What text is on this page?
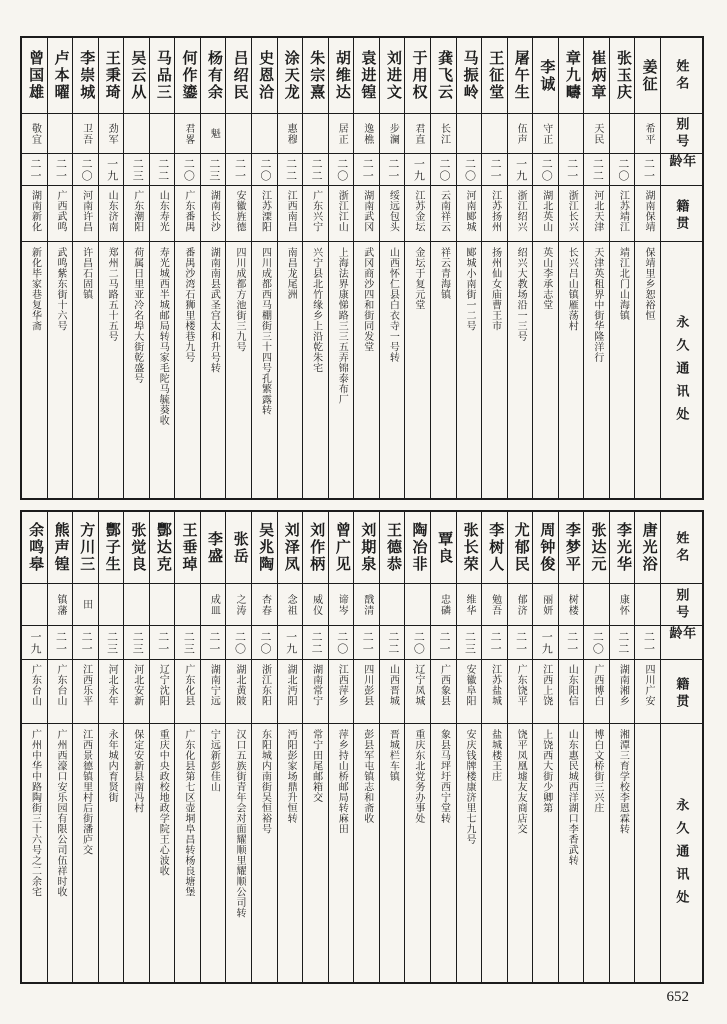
姓名
别号
年龄
籍贯
永久通讯处
姜征
希平
二一
湖南保靖
保靖里乡恕裕恒
张玉庆
二〇
江苏靖江
靖江北门山海镇
崔炳章
天民
二二
河北天津
天津英租界中街华隆洋行
章九疇
二一
浙江长兴
长兴吕山镇雁荡村
李诚
守正
二〇
湖北英山
英山李承志堂
屠午生
伍声
一九
浙江绍兴
绍兴大教场沿一三号
王征堂
二一
江苏扬州
扬州仙女庙曹王市
马振岭
二〇
河南郾城
郾城小南街一二号
龚飞云
长江
二〇
云南祥云
祥云青海镇
于用权
君直
一九
江苏金坛
金坛于复元堂
刘进文
步澜
二一
绥远包头
山西怀仁县白衣寺一号转
袁进锽
逸樵
二一
湖南武冈
武冈商沙四和街同发堂
胡维达
居正
二〇
浙江江山
上海法界康悌路三三五弄锦泰布厂
朱宗熹
二二
广东兴宁
兴宁县北竹缘乡上沿乾朱宅
涂天龙
惠穆
二二
江西南昌
南昌龙尾洲
史恩洽
二〇
江苏溧阳
四川成都西马棚街三十四号孔繁露转
吕绍民
二一
安徽旌德
四川成都方池街三九号
杨有余
魁
二三
湖南长沙
湖南南县武圣宫太和升号转
何作鎏
君畧
二〇
广东番禺
番禺沙湾石狮里楼巷九号
马品三
二二
山东寿光
寿光城西半城邮局转马家毛陀马毓葵收
吴云从
二三
广东潮阳
荷属日里亚冷名埠大街乾盛号
王秉琦
劲军
一九
山东济南
郑州二马路五十五号
李崇城
卫吾
二〇
河南许昌
许昌石固镇
卢本曜
二一
广西武鸣
武鸣紫东街十六号
曾国雄
敬宜
二一
湖南新化
新化毕家巷复华斋
姓名
别号
年龄
籍贯
永久通讯处
唐光浴
二一
四川广安
李光华
康怀
二二
湖南湘乡
湘潭三育学校李恩霖转
张达元
二〇
广西博白
博白文桥街三兴庄
李梦平
树楼
二一
山东阳信
山东惠民城西洋湖口李香武转
周钟俊
丽妍
一九
江西上饶
上饶西大街少卿第
尤郁民
郁济
二一
广东饶平
饶平凤凰墟友友商店交
李树人
勉吾
二一
江苏盐城
盐城楼王庄
张长荣
维华
二三
安徽阜阳
安庆钱牌楼康济里七九号
覃良
忠磷
二一
广西象县
象县马坪圩西宁堂转
陶冶非
二〇
辽宁凤城
重庆东北党务办事处
王德恭
二二
山西晋城
晋城栏车镇
刘期泉
戬清
二一
四川彭县
彭县军屯镇志和斋收
曾广见
谛岑
二〇
江西萍乡
萍乡持山桥邮局转麻田
刘作柄
威仪
二二
湖南常宁
常宁田尾邮箱交
刘泽凤
念祖
一九
湖北沔阳
沔阳彭家场鼎升恒转
吴兆陶
杏春
二〇
浙江东阳
东阳城内南街吴恒裕号
张岳
之涛
二〇
湖北黄陂
汉口五族街青年会对面耀顺里耀顺公司转
李盛
成皿
二一
湖南宁远
宁远新彭佳山
王垂琸
二三
广东化县
广东化县第七区壶垌阜昌转杨良塘堡
酆达克
二一
辽宁沈阳
重庆中央政校地政学院王心波收
张觉良
二三
河北安新
保定安新县南冯村
酆子生
二三
河北永年
永年城内育贤街
方川三
田
二一
江西乐平
江西景德镇里村后街潘庐交
熊声锽
镇藩
二一
广东台山
广州西濠口安乐园有限公司伍祥时收
余鸣皋
一九
广东台山
广州中华中路陶街三十六号之二余宅
652
